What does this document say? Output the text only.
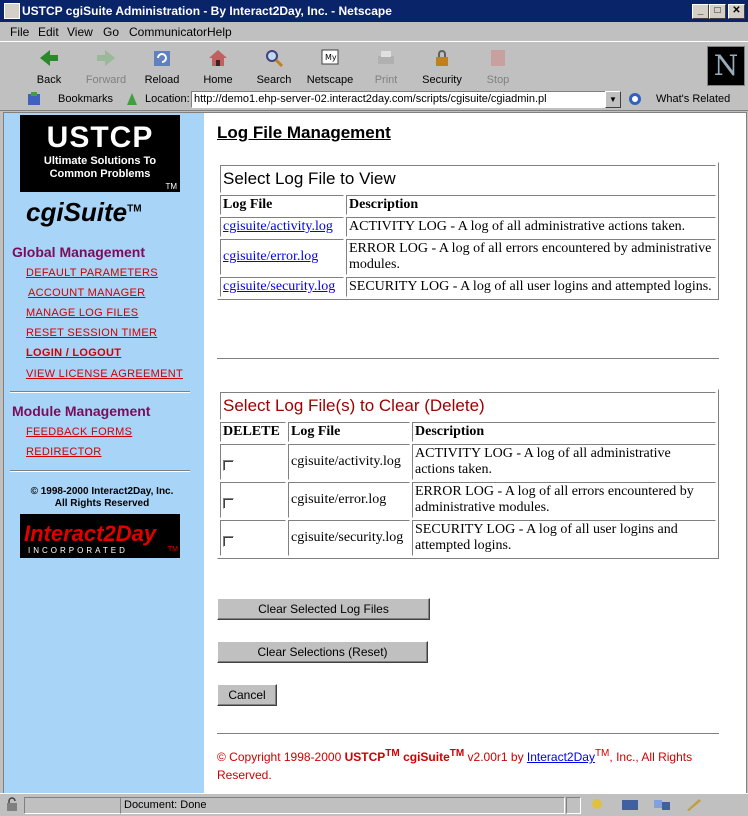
USTCP cgiSuite Administration - By Interact2Day, Inc. - Netscape	_	□	✕
File Edit View Go Communicator Help
Back	Forward	Reload	Home	Search
My
Netscape	Print	Security	Stop	N
Bookmarks	Location: http://demo1.ehp-server-02.interact2day.com/scripts/cgisuite/cgiadmin.pl	▼	What's Related
USTCP
Ultimate Solutions To
Common Problems
TM
cgiSuite™
Global Management
DEFAULT PARAMETERS
ACCOUNT MANAGER
MANAGE LOG FILES
RESET SESSION TIMER
LOGIN / LOGOUT
VIEW LICENSE AGREEMENT
Module Management
FEEDBACK FORMS
REDIRECTOR
© 1998-2000 Interact2Day, Inc.
All Rights Reserved
Interact2Day
INCORPORATED	TM
Log File Management
Select Log File to View	
Log File	Description
cgisuite/activity.log	ACTIVITY LOG - A log of all administrative actions taken.
cgisuite/error.log	ERROR LOG - A log of all errors encountered by administrative modules.
cgisuite/security.log	SECURITY LOG - A log of all user logins and attempted logins.
Select Log File(s) to Clear (Delete)		
DELETE	Log File	Description
	cgisuite/activity.log	ACTIVITY LOG - A log of all administrative actions taken.
	cgisuite/error.log	ERROR LOG - A log of all errors encountered by administrative modules.
	cgisuite/security.log	SECURITY LOG - A log of all user logins and attempted logins.
Clear Selected Log Files
Clear Selections (Reset)
Cancel
© Copyright 1998-2000 USTCP™ cgiSuite™ v2.00r1 by Interact2Day™, Inc., All Rights Reserved.
Document: Done
